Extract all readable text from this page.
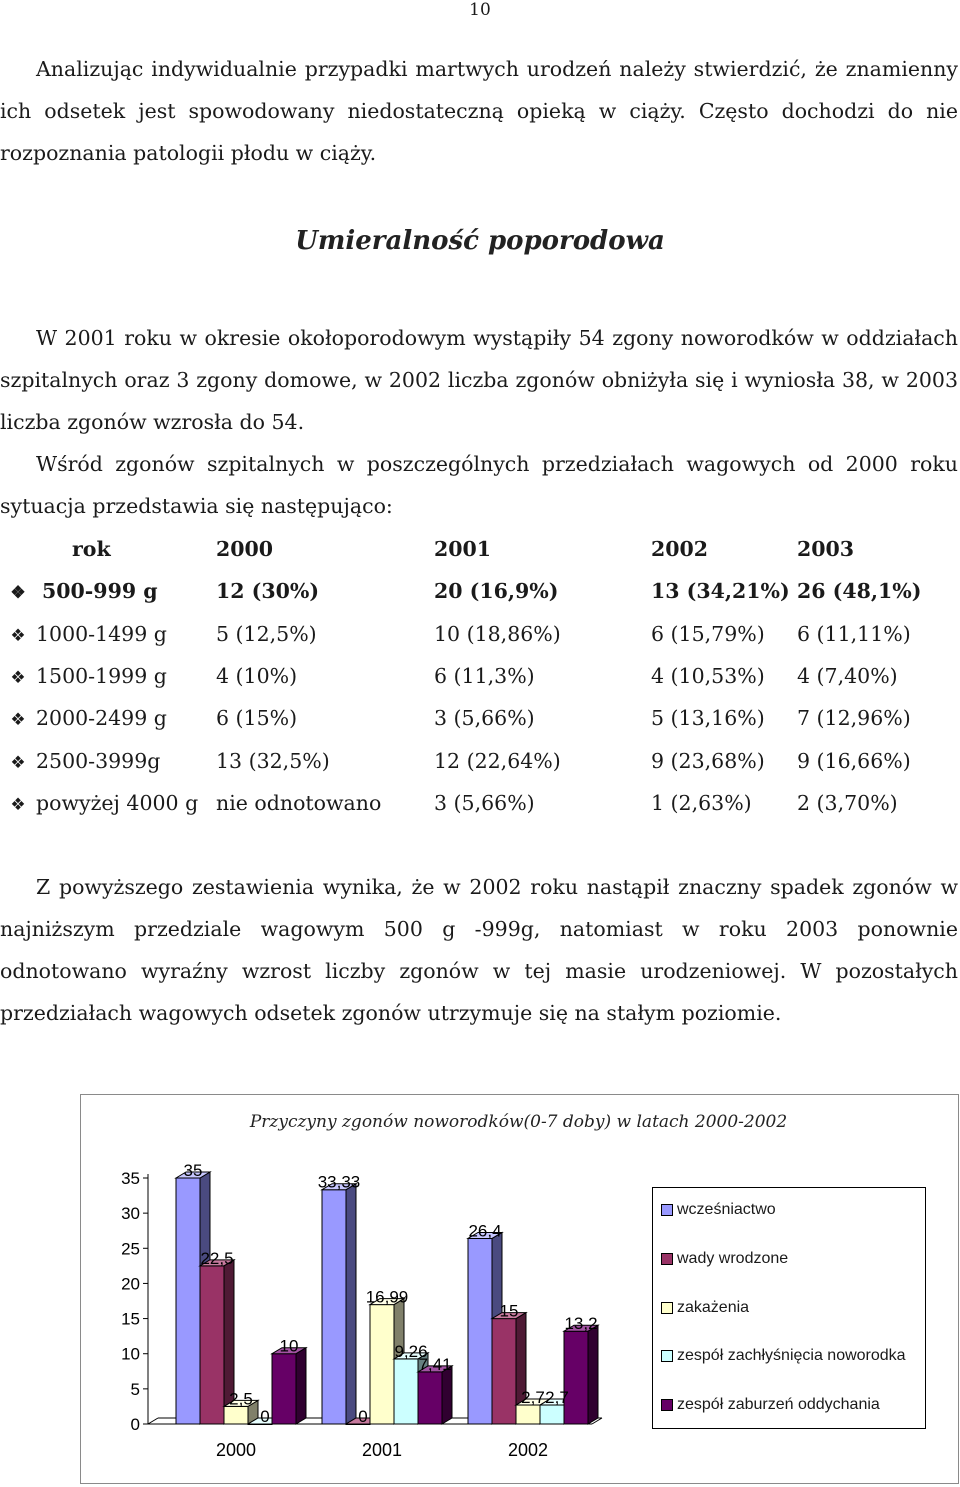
10

Analizując indywidualnie przypadki martwych urodzeń należy stwierdzić, że znamienny ich odsetek jest spowodowany niedostateczną opieką w ciąży. Często dochodzi do nie rozpoznania patologii płodu w ciąży.

Umieralność poporodowa

W 2001 roku w okresie okołoporodowym wystąpiły 54 zgony noworodków w oddziałach szpitalnych oraz 3 zgony domowe, w 2002 liczba zgonów obniżyła się i wyniosła 38, w 2003 liczba zgonów wzrosła do 54.

Wśród zgonów szpitalnych w poszczególnych przedziałach wagowych od 2000 roku sytuacja przedstawia się następująco:

rok	2000	2001	2002	2003
❖ 500-999 g	12 (30%)	20 (16,9%)	13 (34,21%)	26 (48,1%)
❖ 1000-1499 g	5 (12,5%)	10 (18,86%)	6 (15,79%)	6 (11,11%)
❖ 1500-1999 g	4 (10%)	6 (11,3%)	4 (10,53%)	4 (7,40%)
❖ 2000-2499 g	6 (15%)	3 (5,66%)	5 (13,16%)	7 (12,96%)
❖ 2500-3999g	13 (32,5%)	12 (22,64%)	9 (23,68%)	9 (16,66%)
❖ powyżej 4000 g	nie odnotowano	3 (5,66%)	1 (2,63%)	2 (3,70%)

Z powyższego zestawienia wynika, że w 2002 roku nastąpił znaczny spadek zgonów w najniższym przedziale wagowym 500 g -999g, natomiast w roku 2003 ponownie odnotowano wyraźny wzrost liczby zgonów w tej masie urodzeniowej. W pozostałych przedziałach wagowych odsetek zgonów utrzymuje się na stałym poziomie.

Przyczyny zgonów noworodków(0-7 doby) w latach 2000-2002
0
5
10
15
20
25
30
35	35
22,5
2,5
0
10
2000
33,33
0
16,99
9,26
7,41
2001
26,4
15
2,7 2,7
13,2
2002
wcześniactwo
wady wrodzone
zakażenia
zespół zachłyśnięcia noworodka
zespół zaburzeń oddychania
